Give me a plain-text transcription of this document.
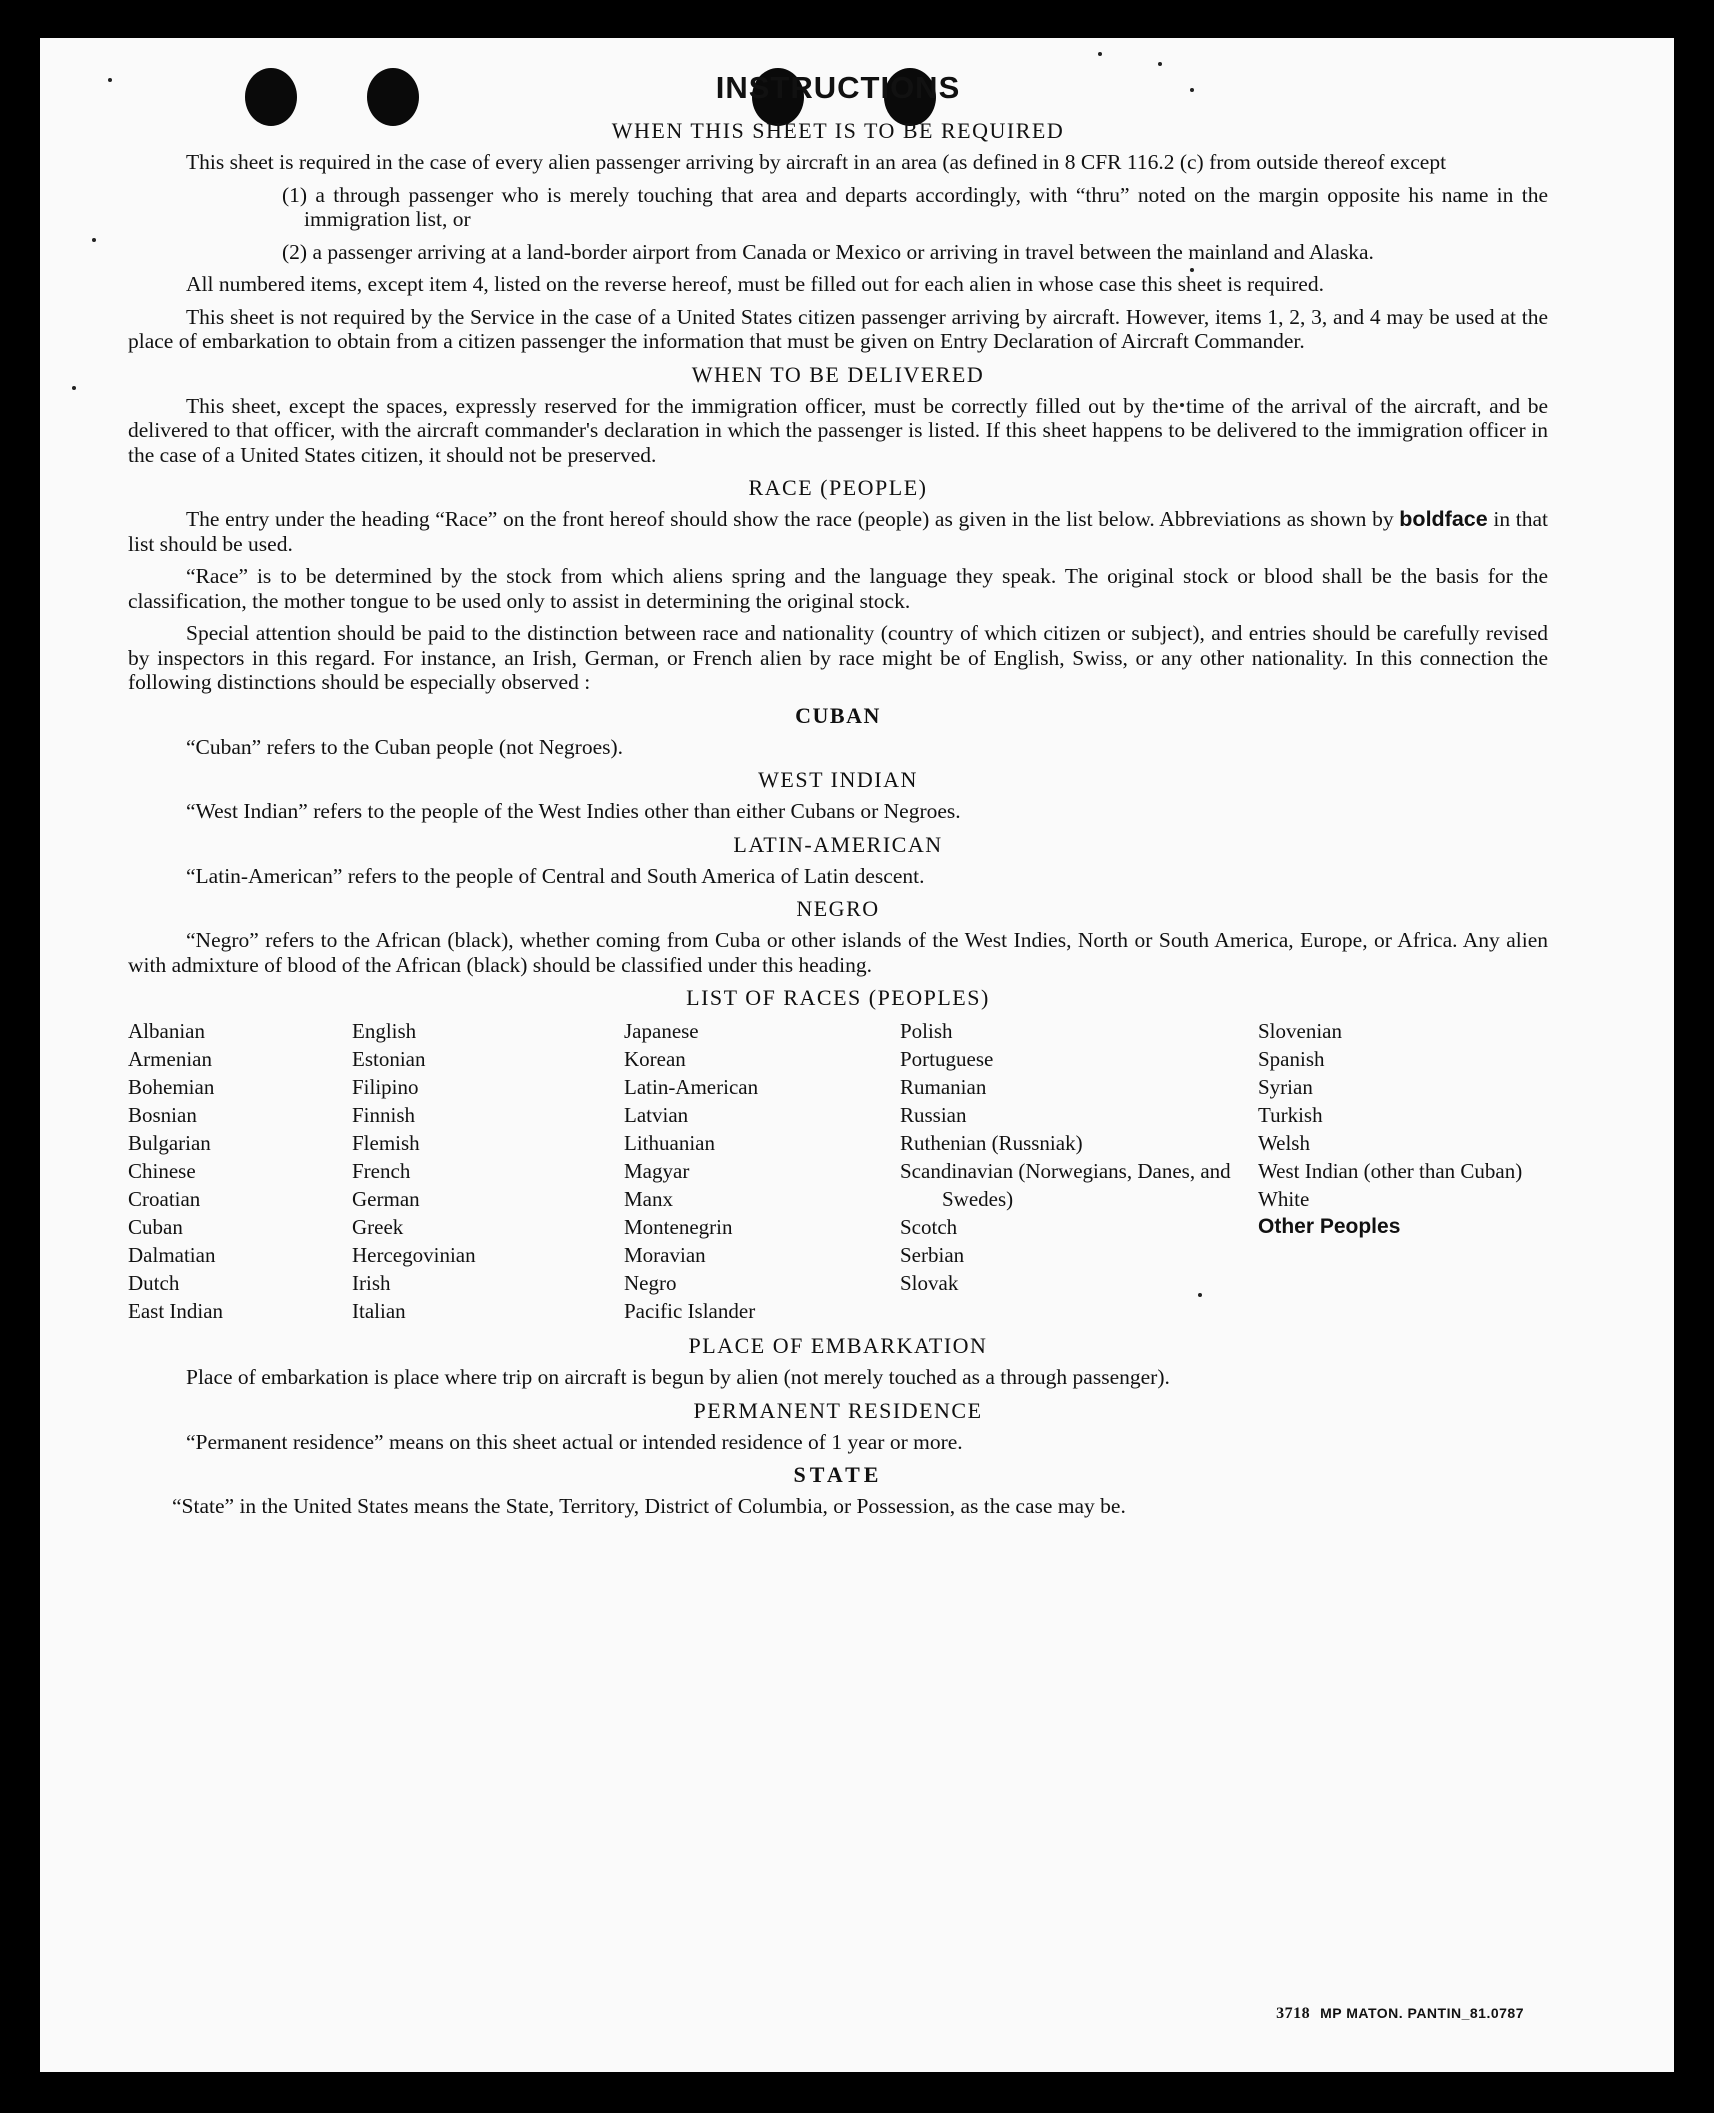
INSTRUCTIONS
WHEN THIS SHEET IS TO BE REQUIRED

This sheet is required in the case of every alien passenger arriving by aircraft in an area (as defined in 8 CFR 116.2 (c) from outside thereof except

(1) a through passenger who is merely touching that area and departs accordingly, with “thru” noted on the margin opposite his name in the immigration list, or

(2) a passenger arriving at a land-border airport from Canada or Mexico or arriving in travel between the mainland and Alaska.

All numbered items, except item 4, listed on the reverse hereof, must be filled out for each alien in whose case this sheet is required.

This sheet is not required by the Service in the case of a United States citizen passenger arriving by aircraft. However, items 1, 2, 3, and 4 may be used at the place of embarkation to obtain from a citizen passenger the information that must be given on Entry Declaration of Aircraft Commander.

WHEN TO BE DELIVERED

This sheet, except the spaces, expressly reserved for the immigration officer, must be correctly filled out by the time of the arrival of the aircraft, and be delivered to that officer, with the aircraft commander's declaration in which the passenger is listed. If this sheet happens to be delivered to the immigration officer in the case of a United States citizen, it should not be preserved.

RACE (PEOPLE)

The entry under the heading “Race” on the front hereof should show the race (people) as given in the list below. Abbreviations as shown by boldface in that list should be used.

“Race” is to be determined by the stock from which aliens spring and the language they speak. The original stock or blood shall be the basis for the classification, the mother tongue to be used only to assist in determining the original stock.

Special attention should be paid to the distinction between race and nationality (country of which citizen or subject), and entries should be carefully revised by inspectors in this regard. For instance, an Irish, German, or French alien by race might be of English, Swiss, or any other nationality. In this connection the following distinctions should be especially observed :

CUBAN

“Cuban” refers to the Cuban people (not Negroes).

WEST INDIAN

“West Indian” refers to the people of the West Indies other than either Cubans or Negroes.

LATIN-AMERICAN

“Latin-American” refers to the people of Central and South America of Latin descent.

NEGRO

“Negro” refers to the African (black), whether coming from Cuba or other islands of the West Indies, North or South America, Europe, or Africa. Any alien with admixture of blood of the African (black) should be classified under this heading.

LIST OF RACES (PEOPLES)
Albanian
Armenian
Bohemian
Bosnian
Bulgarian
Chinese
Croatian
Cuban
Dalmatian
Dutch
East Indian
English
Estonian
Filipino
Finnish
Flemish
French
German
Greek
Hercegovinian
Irish
Italian
Japanese
Korean
Latin-American
Latvian
Lithuanian
Magyar
Manx
Montenegrin
Moravian
Negro
Pacific Islander
Polish
Portuguese
Rumanian
Russian
Ruthenian (Russniak)
Scandinavian (Norwegians, Danes, and Swedes)
Scotch
Serbian
Slovak
Slovenian
Spanish
Syrian
Turkish
Welsh
West Indian (other than Cuban)
White
Other Peoples
PLACE OF EMBARKATION

Place of embarkation is place where trip on aircraft is begun by alien (not merely touched as a through passenger).

PERMANENT RESIDENCE

“Permanent residence” means on this sheet actual or intended residence of 1 year or more.

STATE

“State” in the United States means the State, Territory, District of Columbia, or Possession, as the case may be.

3718 MP MATON. PANTIN_81.0787
